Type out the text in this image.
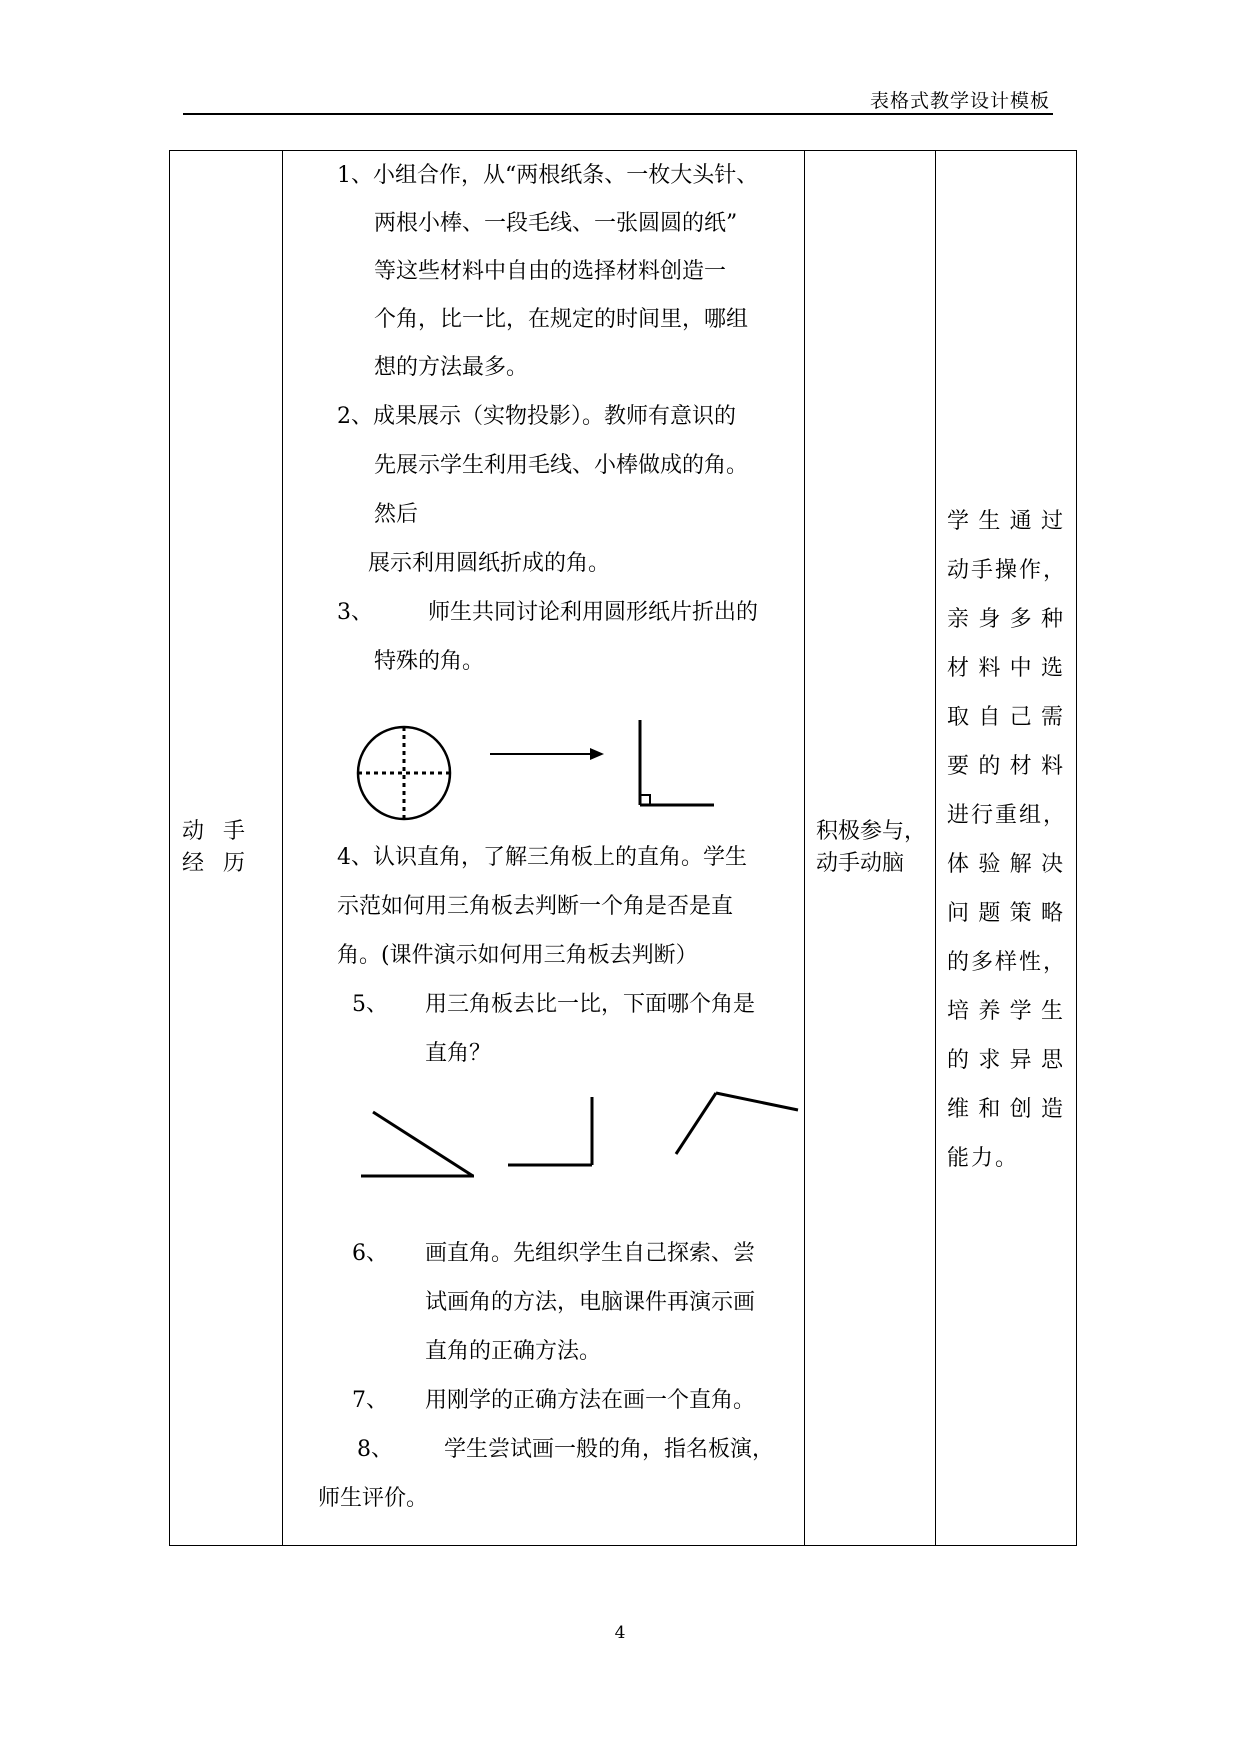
表格式教学设计模板
动 手 经 历
积极参与，
动手动脑
1、小组合作，从“两根纸条、一枚大头针、
两根小棒、一段毛线、一张圆圆的纸”
等这些材料中自由的选择材料创造一
个角，比一比，在规定的时间里，哪组
想的方法最多。
2、成果展示（实物投影）。教师有意识的
先展示学生利用毛线、小棒做成的角。
然后
展示利用圆纸折成的角。
3、	师生共同讨论利用圆形纸片折出的
特殊的角。
4、认识直角，了解三角板上的直角。学生
示范如何用三角板去判断一个角是否是直
角。(课件演示如何用三角板去判断）
5、 用三角板去比一比，下面哪个角是
直角？
6、 画直角。先组织学生自己探索、尝
试画角的方法，电脑课件再演示画
直角的正确方法。
7、 用刚学的正确方法在画一个直角。
8、 学生尝试画一般的角，指名板演，
师生评价。
学生通过
动手操作，
亲身多种
材料中选
取自己需
要的材料
进行重组，
体验解决
问题策略
的多样性，
培养学生
的求异思
维和创造
能力。
4
